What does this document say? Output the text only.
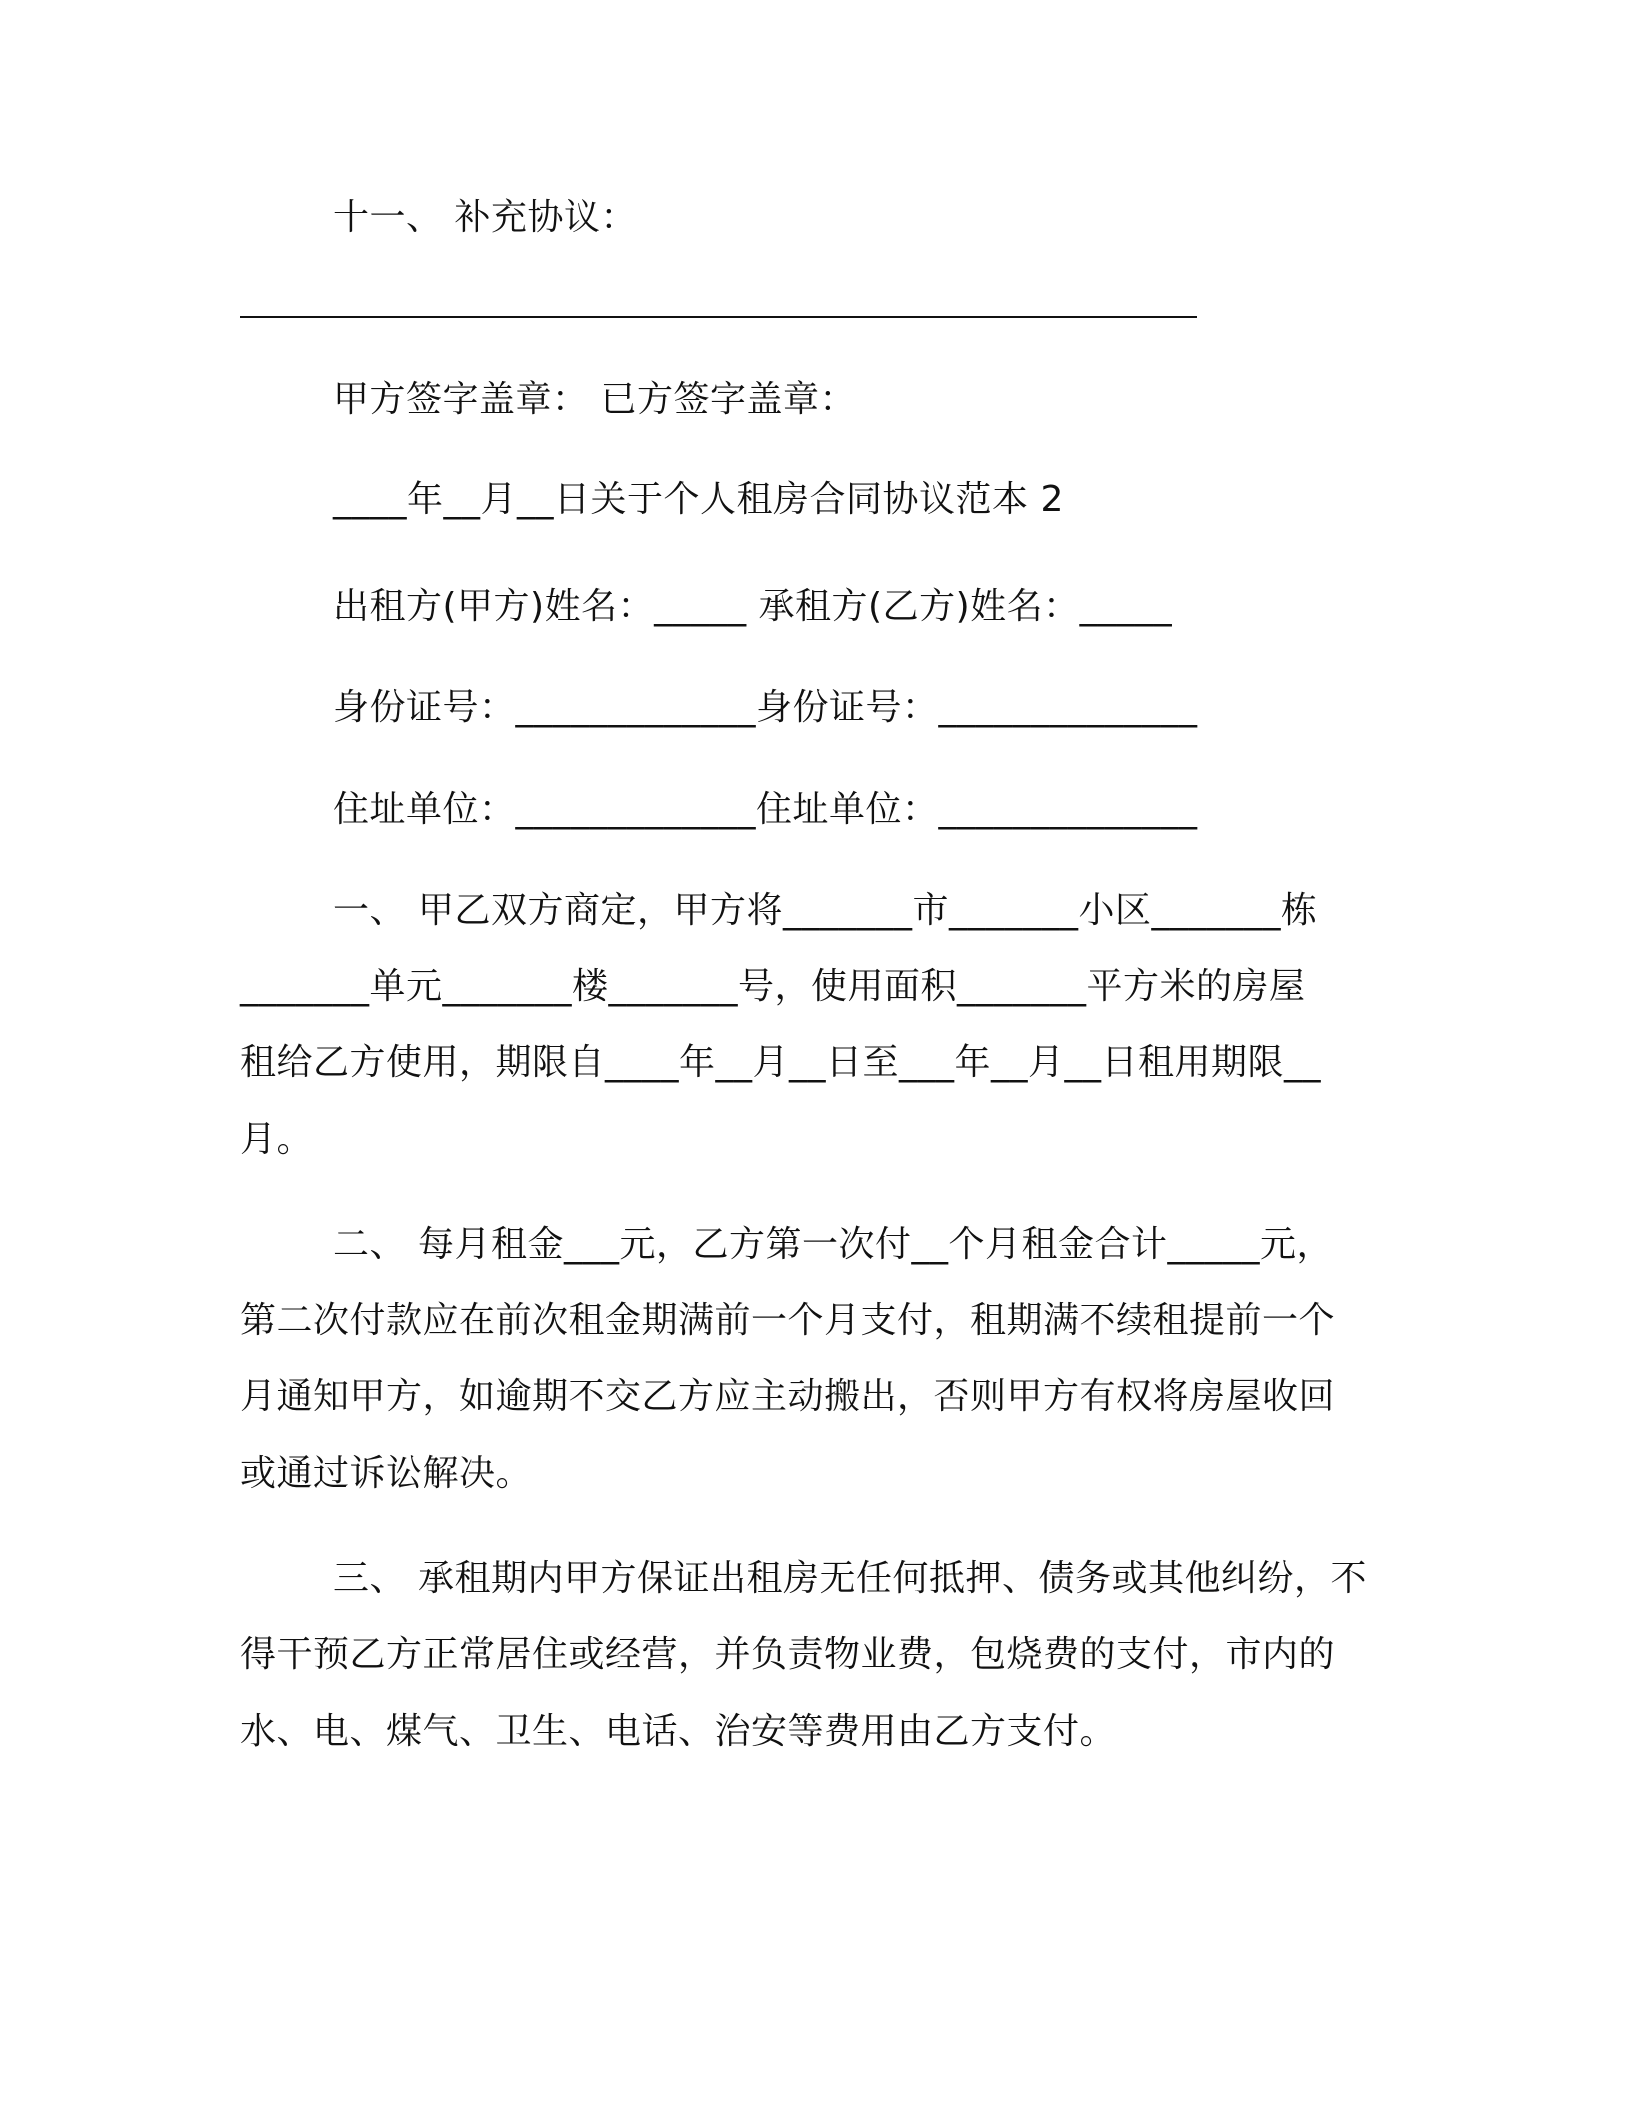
十一、 补充协议：
甲方签字盖章： 已方签字盖章：
____年__月__日关于个人租房合同协议范本 2
出租方(甲方)姓名：_____ 承租方(乙方)姓名：_____
身份证号：_____________身份证号：______________
住址单位：_____________住址单位：______________
一、 甲乙双方商定，甲方将_______市_______小区_______栋
_______单元_______楼_______号，使用面积_______平方米的房屋
租给乙方使用，期限自____年__月__日至___年__月__日租用期限__
月。
二、 每月租金___元，乙方第一次付__个月租金合计_____元，
第二次付款应在前次租金期满前一个月支付，租期满不续租提前一个
月通知甲方，如逾期不交乙方应主动搬出，否则甲方有权将房屋收回
或通过诉讼解决。
三、 承租期内甲方保证出租房无任何抵押、债务或其他纠纷，不
得干预乙方正常居住或经营，并负责物业费，包烧费的支付，市内的
水、电、煤气、卫生、电话、治安等费用由乙方支付。
